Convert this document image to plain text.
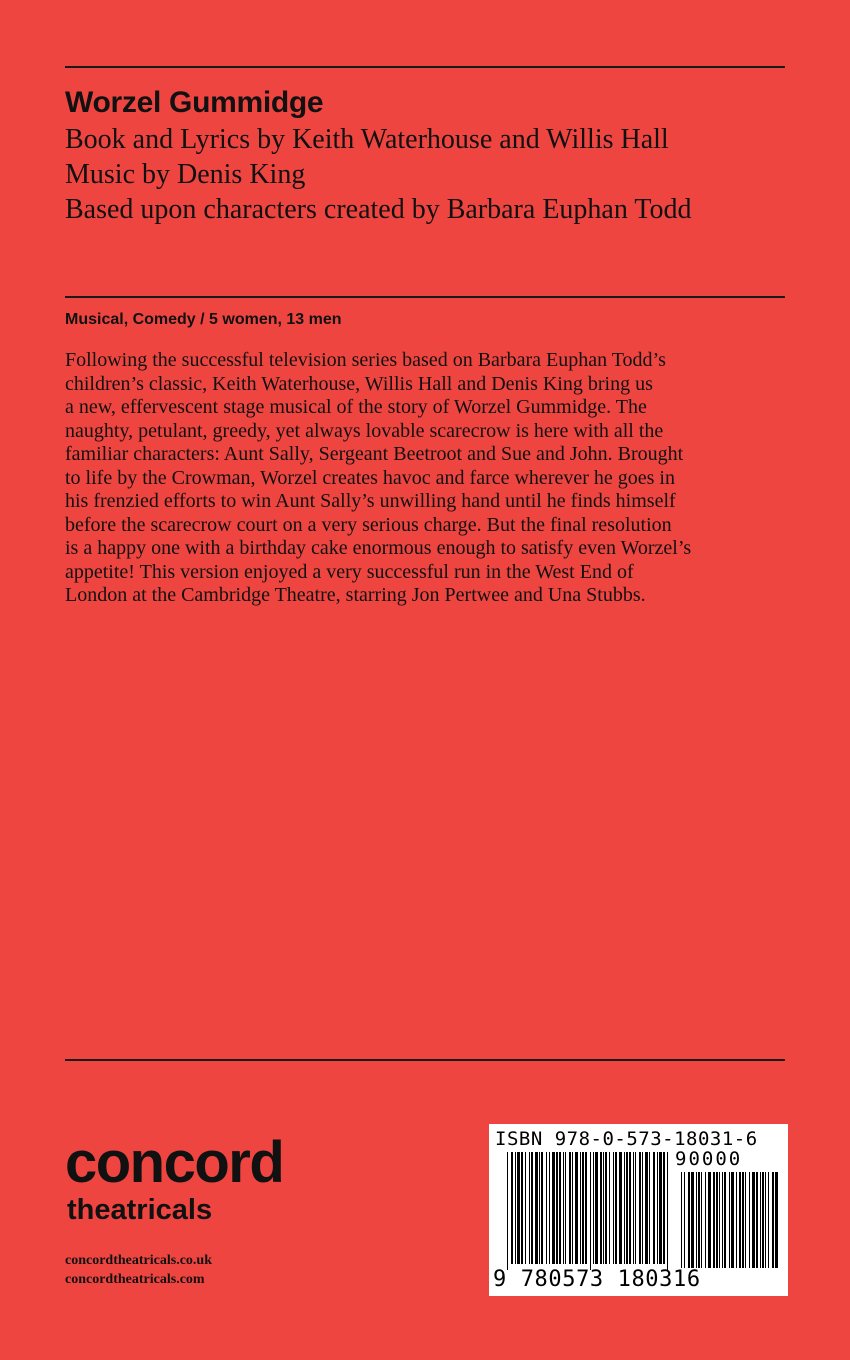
Worzel Gummidge
Book and Lyrics by Keith Waterhouse and Willis Hall
Music by Denis King
Based upon characters created by Barbara Euphan Todd
Musical, Comedy / 5 women, 13 men
Following the successful television series based on Barbara Euphan Todd’s
children’s classic, Keith Waterhouse, Willis Hall and Denis King bring us
a new, effervescent stage musical of the story of Worzel Gummidge. The
naughty, petulant, greedy, yet always lovable scarecrow is here with all the
familiar characters: Aunt Sally, Sergeant Beetroot and Sue and John. Brought
to life by the Crowman, Worzel creates havoc and farce wherever he goes in
his frenzied efforts to win Aunt Sally’s unwilling hand until he finds himself
before the scarecrow court on a very serious charge. But the final resolution
is a happy one with a birthday cake enormous enough to satisfy even Worzel’s
appetite! This version enjoyed a very successful run in the West End of
London at the Cambridge Theatre, starring Jon Pertwee and Una Stubbs.
concord
theatricals
concordtheatricals.co.uk
concordtheatricals.com
ISBN 978-0-573-18031-6
90000
9 780573 180316
